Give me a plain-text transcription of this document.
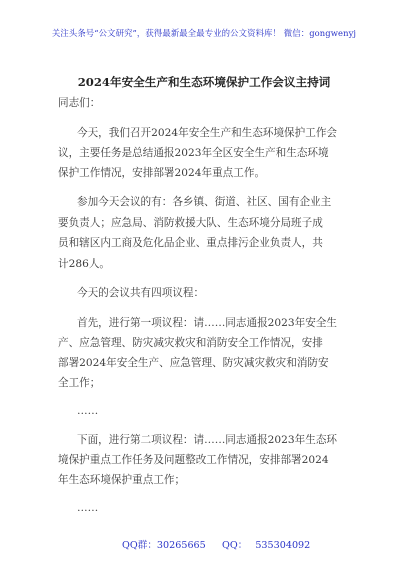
关注头条号“公文研究”，获得最新最全最专业的公文资料库！ 微信：gongwenyj
2024年安全生产和生态环境保护工作会议主持词
同志们：
今天，我们召开2024年安全生产和生态环境保护工作会
议，主要任务是总结通报2023年全区安全生产和生态环境
保护工作情况，安排部署2024年重点工作。
参加今天会议的有：各乡镇、街道、社区、国有企业主
要负责人；应急局、消防救援大队、生态环境分局班子成
员和辖区内工商及危化品企业、重点排污企业负责人，共
计286人。
今天的会议共有四项议程：
首先，进行第一项议程：请……同志通报2023年安全生
产、应急管理、防灾减灾救灾和消防安全工作情况，安排
部署2024年安全生产、应急管理、防灾减灾救灾和消防安
全工作；
……
下面，进行第二项议程：请……同志通报2023年生态环
境保护重点工作任务及问题整改工作情况，安排部署2024
年生态环境保护重点工作；
……
QQ群：30265665 QQ： 535304092
